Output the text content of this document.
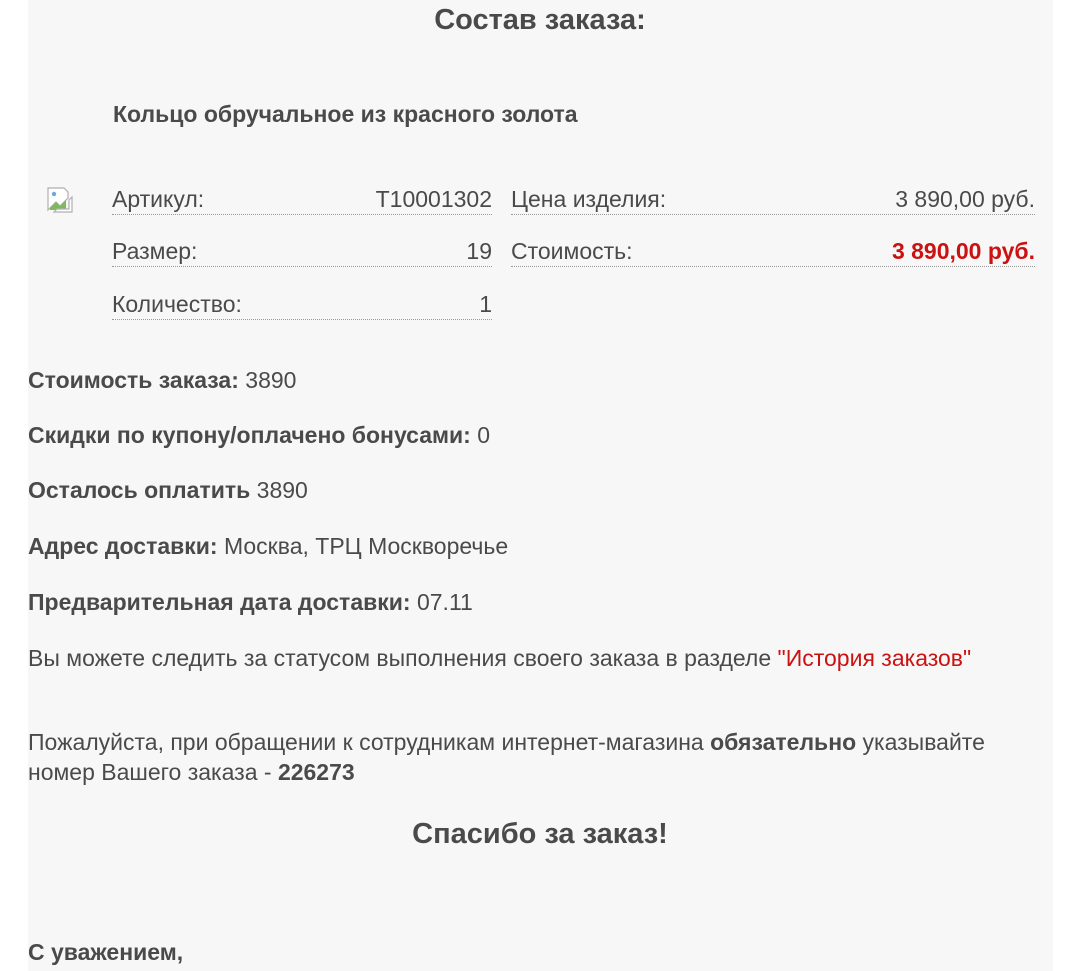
Состав заказа:
Кольцо обручальное из красного золота
Артикул:	Т10001302
Размер:	19
Количество:	1
Цена изделия:	3 890,00 руб.
Стоимость:	3 890,00 руб.
Стоимость заказа: 3890
Скидки по купону/оплачено бонусами: 0
Осталось оплатить 3890
Адрес доставки: Москва, ТРЦ Москворечье
Предварительная дата доставки: 07.11
Вы можете следить за статусом выполнения своего заказа в разделе "История заказов"
Пожалуйста, при обращении к сотрудникам интернет-магазина обязательно указывайте номер Вашего заказа - 226273
Спасибо за заказ!
С уважением,
